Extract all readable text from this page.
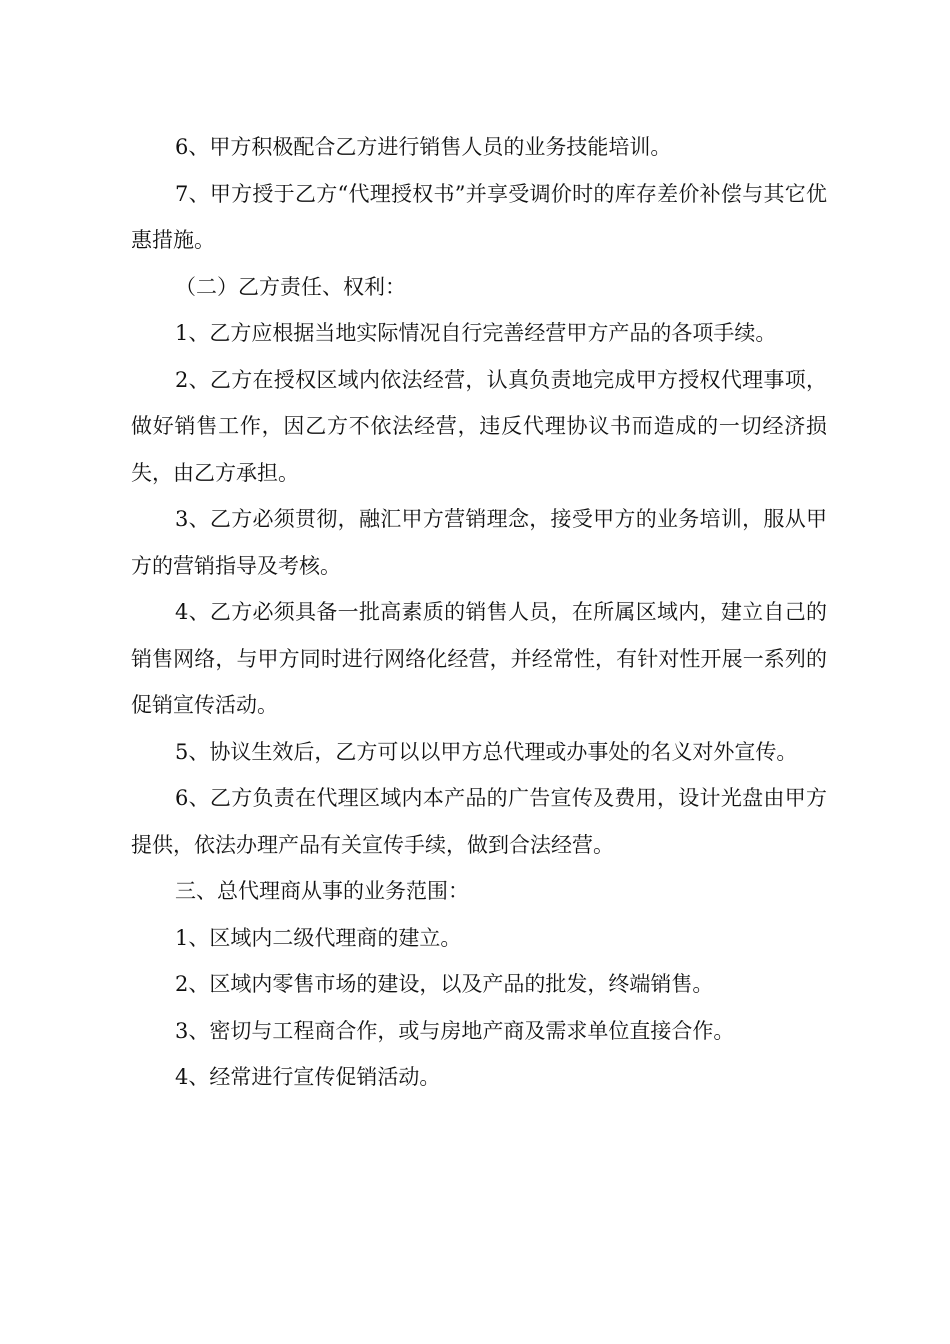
6、甲方积极配合乙方进行销售人员的业务技能培训。

7、甲方授于乙方“代理授权书”并享受调价时的库存差价补偿与其它优惠措施。

（二）乙方责任、权利：

1、乙方应根据当地实际情况自行完善经营甲方产品的各项手续。

2、乙方在授权区域内依法经营，认真负责地完成甲方授权代理事项，做好销售工作，因乙方不依法经营，违反代理协议书而造成的一切经济损失，由乙方承担。

3、乙方必须贯彻，融汇甲方营销理念，接受甲方的业务培训，服从甲方的营销指导及考核。

4、乙方必须具备一批高素质的销售人员，在所属区域内，建立自己的销售网络，与甲方同时进行网络化经营，并经常性，有针对性开展一系列的促销宣传活动。

5、协议生效后，乙方可以以甲方总代理或办事处的名义对外宣传。

6、乙方负责在代理区域内本产品的广告宣传及费用，设计光盘由甲方提供，依法办理产品有关宣传手续，做到合法经营。

三、总代理商从事的业务范围：

1、区域内二级代理商的建立。

2、区域内零售市场的建设，以及产品的批发，终端销售。

3、密切与工程商合作，或与房地产商及需求单位直接合作。

4、经常进行宣传促销活动。
